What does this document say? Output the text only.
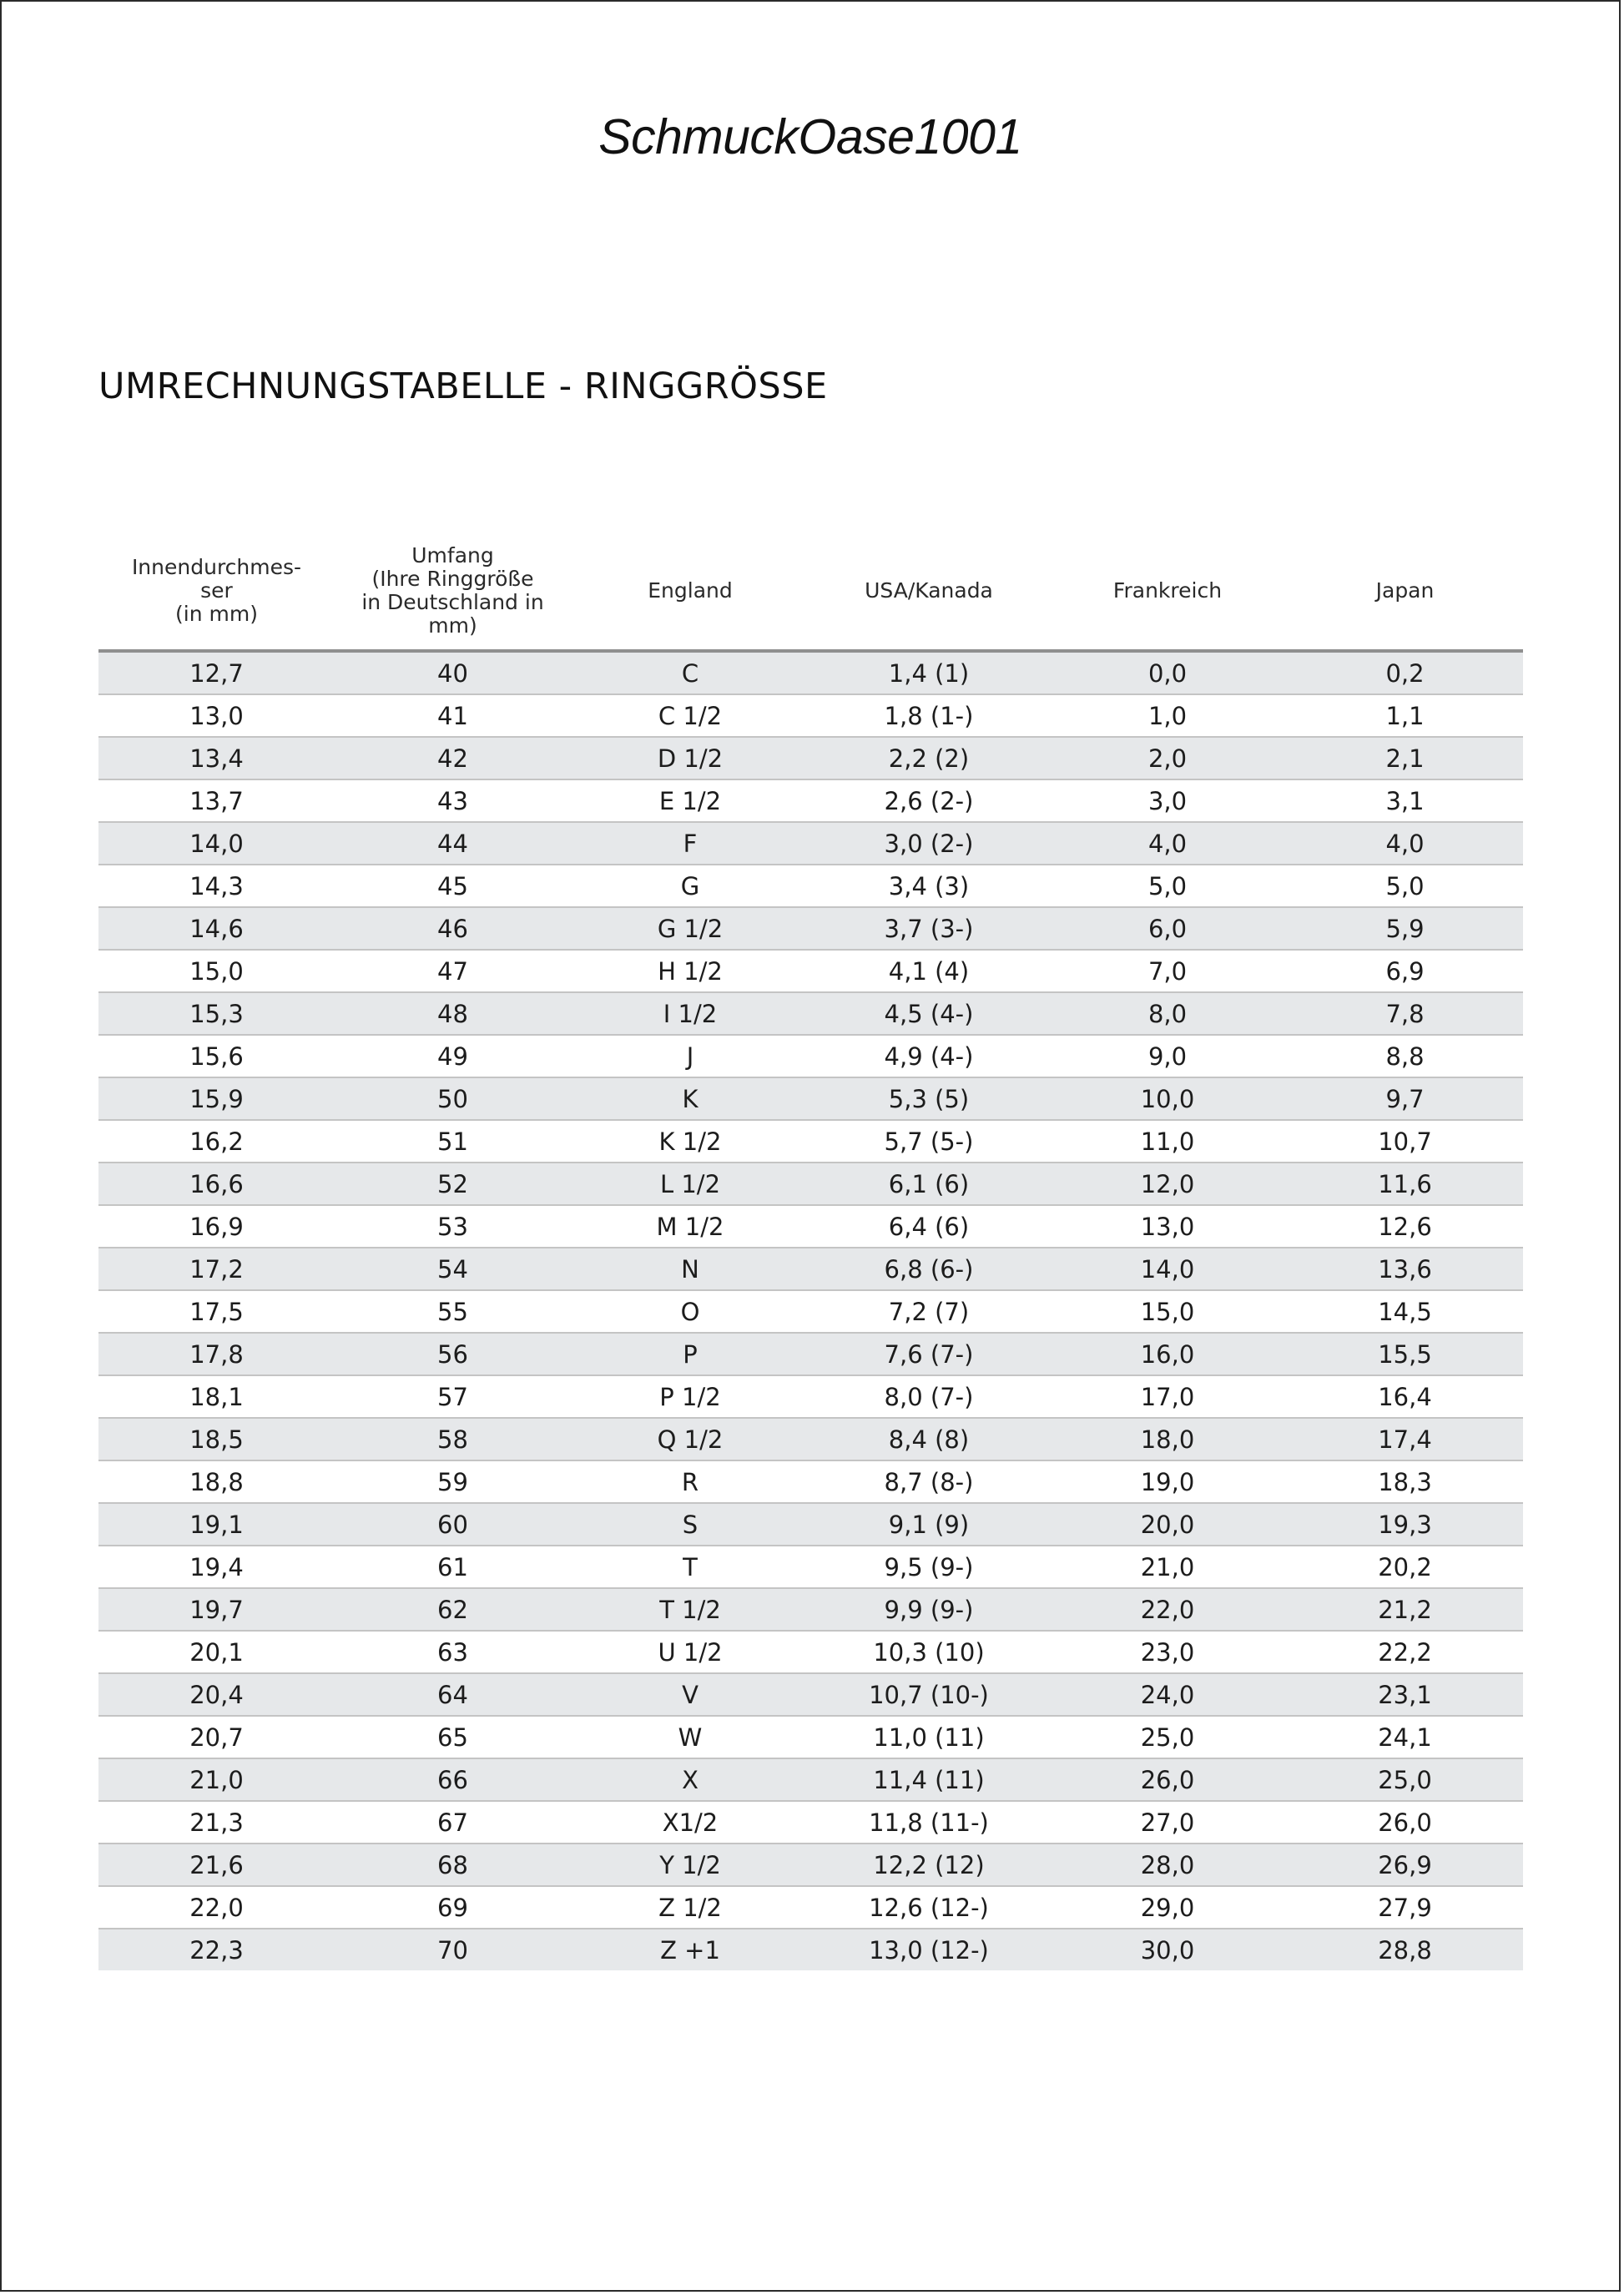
SchmuckOase1001
UMRECHNUNGSTABELLE - RINGGRÖSSE
Innendurchmes-
ser
(in mm)	Umfang
(Ihre Ringgröße
in Deutschland in
mm)	England	USA/Kanada	Frankreich	Japan

12,7	40	C	1,4 (1)	0,0	0,2
13,0	41	C 1/2	1,8 (1-)	1,0	1,1
13,4	42	D 1/2	2,2 (2)	2,0	2,1
13,7	43	E 1/2	2,6 (2-)	3,0	3,1
14,0	44	F	3,0 (2-)	4,0	4,0
14,3	45	G	3,4 (3)	5,0	5,0
14,6	46	G 1/2	3,7 (3-)	6,0	5,9
15,0	47	H 1/2	4,1 (4)	7,0	6,9
15,3	48	I 1/2	4,5 (4-)	8,0	7,8
15,6	49	J	4,9 (4-)	9,0	8,8
15,9	50	K	5,3 (5)	10,0	9,7
16,2	51	K 1/2	5,7 (5-)	11,0	10,7
16,6	52	L 1/2	6,1 (6)	12,0	11,6
16,9	53	M 1/2	6,4 (6)	13,0	12,6
17,2	54	N	6,8 (6-)	14,0	13,6
17,5	55	O	7,2 (7)	15,0	14,5
17,8	56	P	7,6 (7-)	16,0	15,5
18,1	57	P 1/2	8,0 (7-)	17,0	16,4
18,5	58	Q 1/2	8,4 (8)	18,0	17,4
18,8	59	R	8,7 (8-)	19,0	18,3
19,1	60	S	9,1 (9)	20,0	19,3
19,4	61	T	9,5 (9-)	21,0	20,2
19,7	62	T 1/2	9,9 (9-)	22,0	21,2
20,1	63	U 1/2	10,3 (10)	23,0	22,2
20,4	64	V	10,7 (10-)	24,0	23,1
20,7	65	W	11,0 (11)	25,0	24,1
21,0	66	X	11,4 (11)	26,0	25,0
21,3	67	X1/2	11,8 (11-)	27,0	26,0
21,6	68	Y 1/2	12,2 (12)	28,0	26,9
22,0	69	Z 1/2	12,6 (12-)	29,0	27,9
22,3	70	Z +1	13,0 (12-)	30,0	28,8
